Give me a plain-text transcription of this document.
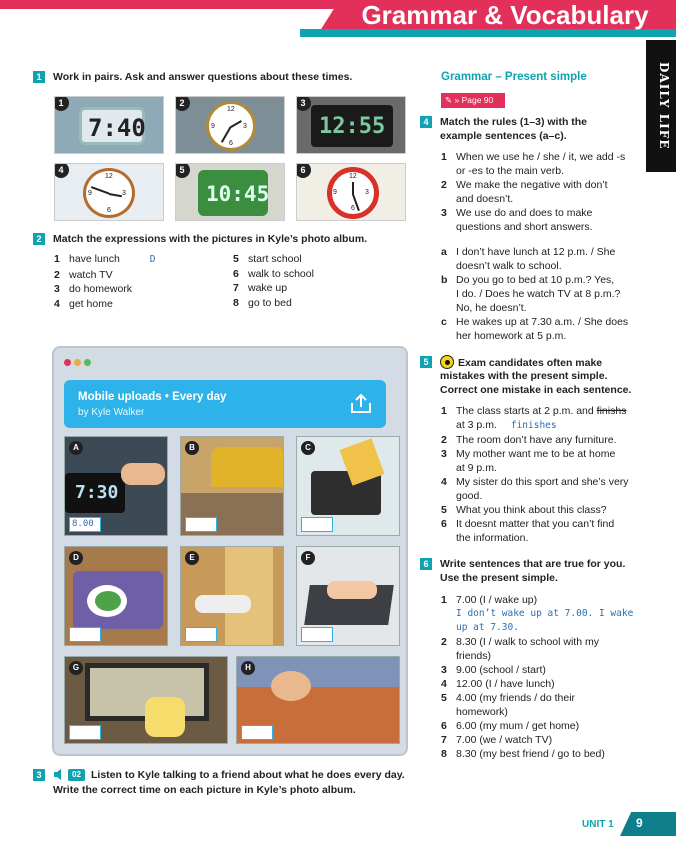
Grammar & Vocabulary
DAILY LIFE
1	Work in pairs. Ask and answer questions about these times.
7:40
1
12
3
6
9
2
12:55
3
12
3
6
9
4
10:45
5
12
3
6
9
6
2	Match the expressions with the pictures in Kyle’s photo album.
1 have lunch	D
2 watch TV
3 do homework
4 get home
5 start school
6 walk to school
7 wake up
8 go to bed
Mobile uploads • Every day
by Kyle Walker
7:30
8.00
A	B	C
D	E	F
G	H
3	02 Listen to Kyle talking to a friend about what he does every day.
Write the correct time on each picture in Kyle’s photo album.
Grammar – Present simple
✎ » Page 90
4	Match the rules (1–3) with the
example sentences (a–c).
1 When we use he / she / it, we add -s
or -es to the main verb.
2 We make the negative with don’t
and doesn’t.
3 We use do and does to make
questions and short answers.
a I don’t have lunch at 12 p.m. / She
doesn’t walk to school.
b Do you go to bed at 10 p.m.? Yes,
I do. / Does he watch TV at 8 p.m.?
No, he doesn’t.
c He wakes up at 7.30 a.m. / She does
her homework at 5 p.m.
5	Exam candidates often make
mistakes with the present simple.
Correct one mistake in each sentence.
1 The class starts at 2 p.m. and finishs
at 3 p.m. finishes
2 The room don’t have any furniture.
3 My mother want me to be at home
at 9 p.m.
4 My sister do this sport and she’s very
good.
5 What you think about this class?
6 It doesnt matter that you can’t find
the information.
6	Write sentences that are true for you.
Use the present simple.
1 7.00 (I / wake up)
I don’t wake up at 7.00. I wake
up at 7.30.
2 8.30 (I / walk to school with my
friends)
3 9.00 (school / start)
4 12.00 (I / have lunch)
5 4.00 (my friends / do their
homework)
6 6.00 (my mum / get home)
7 7.00 (we / watch TV)
8 8.30 (my best friend / go to bed)
UNIT 1 9
